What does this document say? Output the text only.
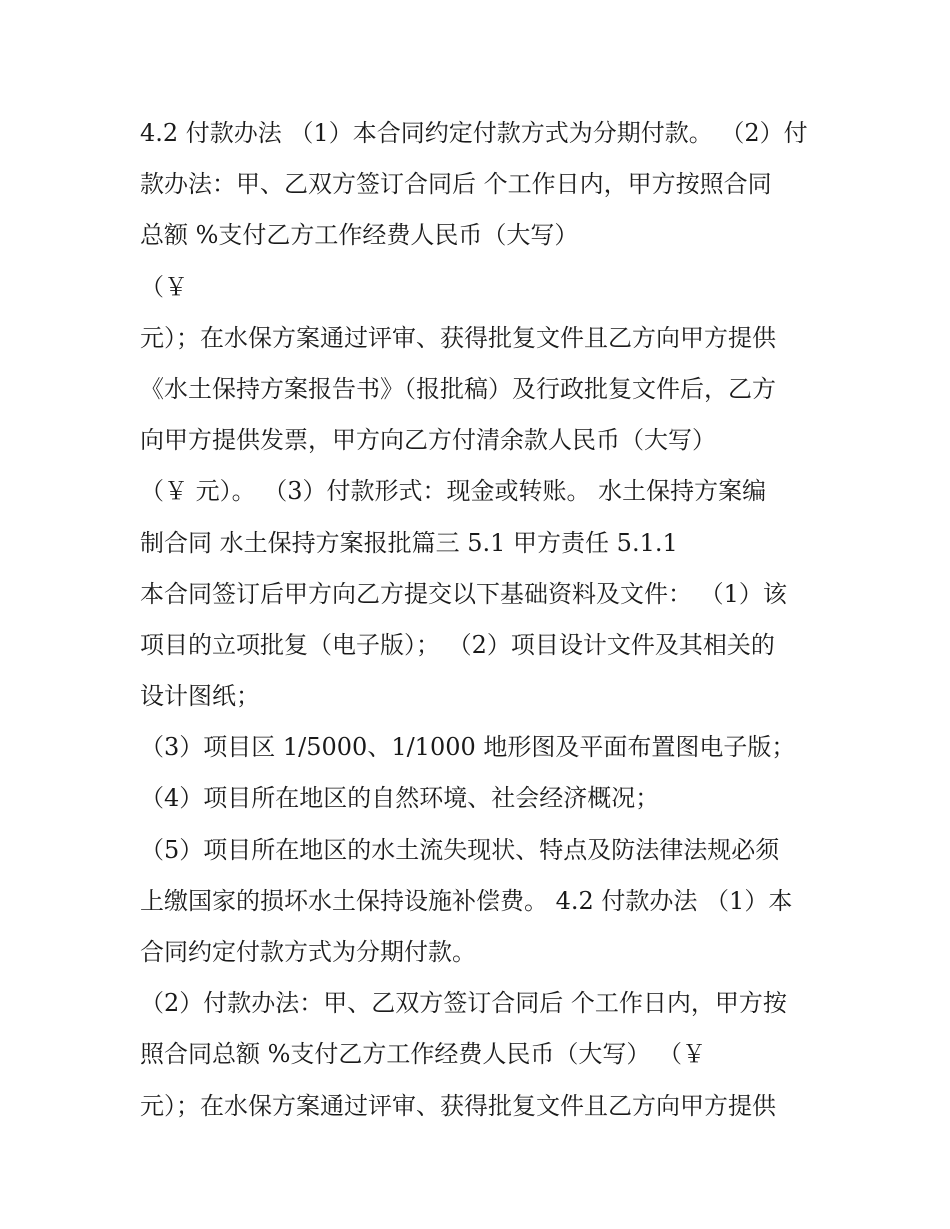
4.2 付款办法 （1）本合同约定付款方式为分期付款。 （2）付
款办法：甲、乙双方签订合同后 个工作日内，甲方按照合同
总额 %支付乙方工作经费人民币（大写）
（￥
元）；在水保方案通过评审、获得批复文件且乙方向甲方提供
《水土保持方案报告书》（报批稿）及行政批复文件后，乙方
向甲方提供发票，甲方向乙方付清余款人民币（大写）
（￥ 元）。 （3）付款形式：现金或转账。 水土保持方案编
制合同 水土保持方案报批篇三 5.1 甲方责任 5.1.1
本合同签订后甲方向乙方提交以下基础资料及文件： （1）该
项目的立项批复（电子版）； （2）项目设计文件及其相关的
设计图纸；
（3）项目区 1/5000、1/1000 地形图及平面布置图电子版；
（4）项目所在地区的自然环境、社会经济概况；
（5）项目所在地区的水土流失现状、特点及防法律法规必须
上缴国家的损坏水土保持设施补偿费。 4.2 付款办法 （1）本
合同约定付款方式为分期付款。
（2）付款办法：甲、乙双方签订合同后 个工作日内，甲方按
照合同总额 %支付乙方工作经费人民币（大写） （￥
元）；在水保方案通过评审、获得批复文件且乙方向甲方提供
